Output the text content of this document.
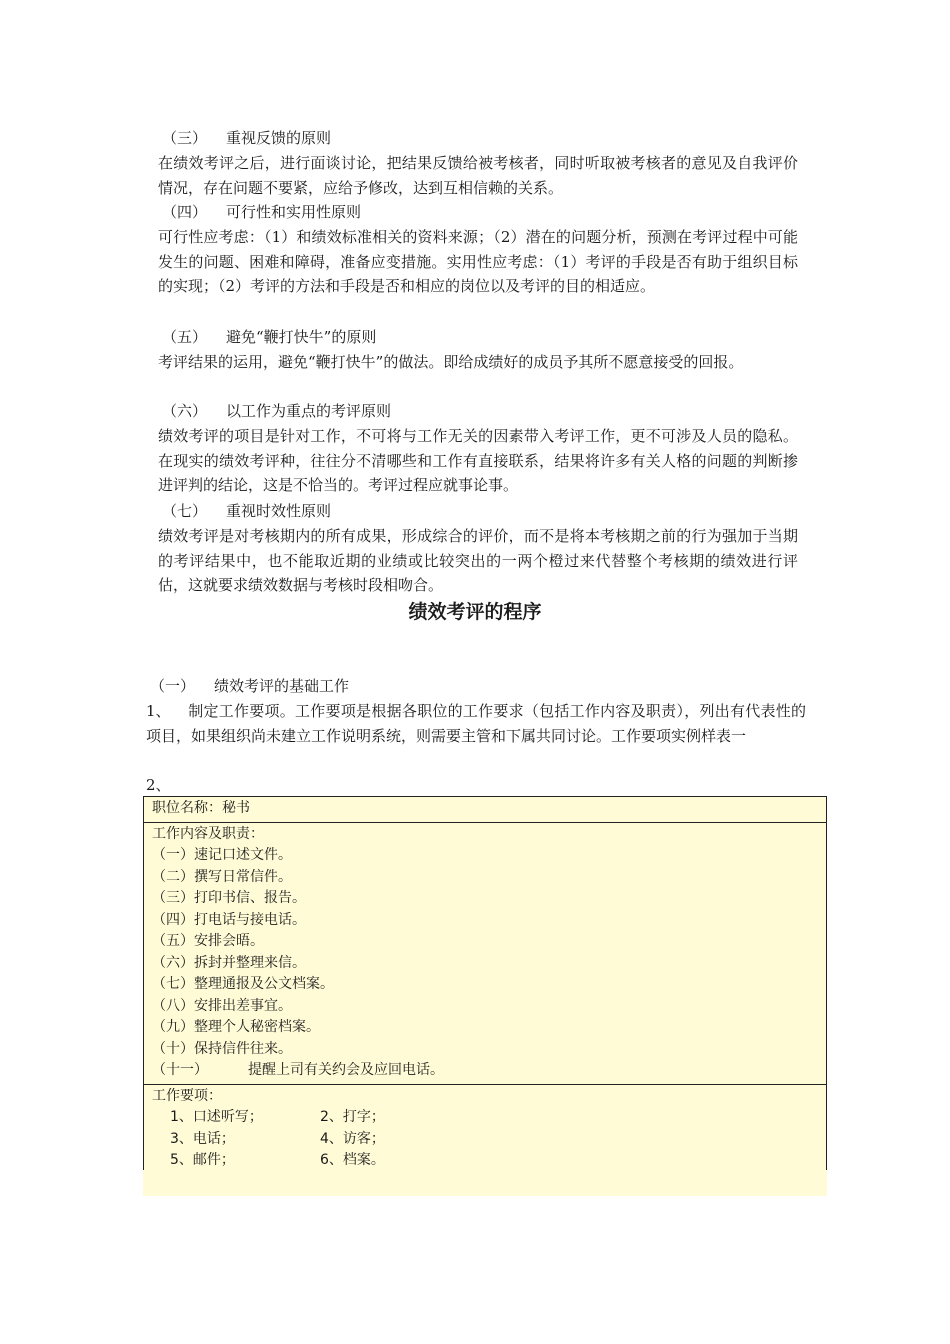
（三） 重视反馈的原则
在绩效考评之后，进行面谈讨论，把结果反馈给被考核者，同时听取被考核者的意见及自我评价情况，存在问题不要紧，应给予修改，达到互相信赖的关系。
（四） 可行性和实用性原则
可行性应考虑：（1）和绩效标准相关的资料来源；（2）潜在的问题分析，预测在考评过程中可能发生的问题、困难和障碍，准备应变措施。实用性应考虑：（1）考评的手段是否有助于组织目标的实现；（2）考评的方法和手段是否和相应的岗位以及考评的目的相适应。
（五） 避免“鞭打快牛”的原则
考评结果的运用，避免“鞭打快牛”的做法。即给成绩好的成员予其所不愿意接受的回报。
（六） 以工作为重点的考评原则
绩效考评的项目是针对工作，不可将与工作无关的因素带入考评工作，更不可涉及人员的隐私。在现实的绩效考评种，往往分不清哪些和工作有直接联系，结果将许多有关人格的问题的判断掺进评判的结论，这是不恰当的。考评过程应就事论事。
（七） 重视时效性原则
绩效考评是对考核期内的所有成果，形成综合的评价，而不是将本考核期之前的行为强加于当期的考评结果中，也不能取近期的业绩或比较突出的一两个橙过来代替整个考核期的绩效进行评估，这就要求绩效数据与考核时段相吻合。
绩效考评的程序
（一） 绩效考评的基础工作
1、 制定工作要项。工作要项是根据各职位的工作要求（包括工作内容及职责），列出有代表性的项目，如果组织尚未建立工作说明系统，则需要主管和下属共同讨论。工作要项实例样表一
2、
职位名称：秘书

工作内容及职责：
（一）速记口述文件。
（二）撰写日常信件。
（三）打印书信、报告。
（四）打电话与接电话。
（五）安排会晤。
（六）拆封并整理来信。
（七）整理通报及公文档案。
（八）安排出差事宜。
（九）整理个人秘密档案。
（十）保持信件往来。
（十一）	提醒上司有关约会及应回电话。

工作要项：
1、口述听写；	2、打字；
3、电话；	4、访客；
5、邮件；	6、档案。
